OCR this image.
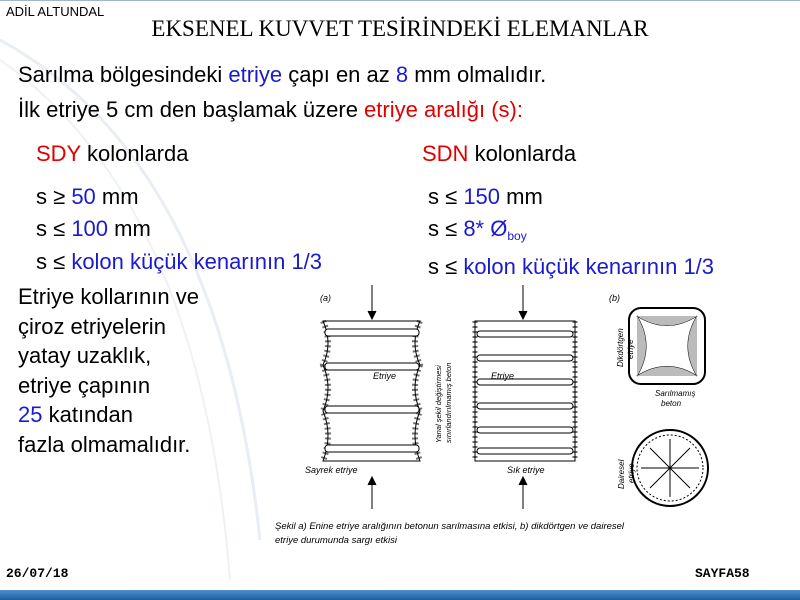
ADİL ALTUNDAL
EKSENEL KUVVET TESİRİNDEKİ ELEMANLAR
Sarılma bölgesindeki etriye çapı en az 8 mm olmalıdır.
İlk etriye 5 cm den başlamak üzere etriye aralığı (s):
SDY kolonlarda
s ≥ 50 mm
s ≤ 100 mm
s ≤ kolon küçük kenarının 1/3
SDN kolonlarda
s ≤ 150 mm
s ≤ 8* $Ø_{boy}$
s ≤ kolon küçük kenarının 1/3
Etriye kollarının ve
çiroz etriyelerin
yatay uzaklık,
etriye çapının
25 katından
fazla olmamalıdır.
(a)	(b)
Etriye	Yanal şekil değiştirmesi sınırlandırılmamış beton	Etriye
Sayrek etriye	Sık etriye
Dikdörtgen etriye
Sarılmamış
beton
Dairesel etriye
Şekil a) Enine etriye aralığının betonun sarılmasına etkisi, b) dikdörtgen ve dairesel
etriye durumunda sargı etkisi
26/07/18	SAYFA58
